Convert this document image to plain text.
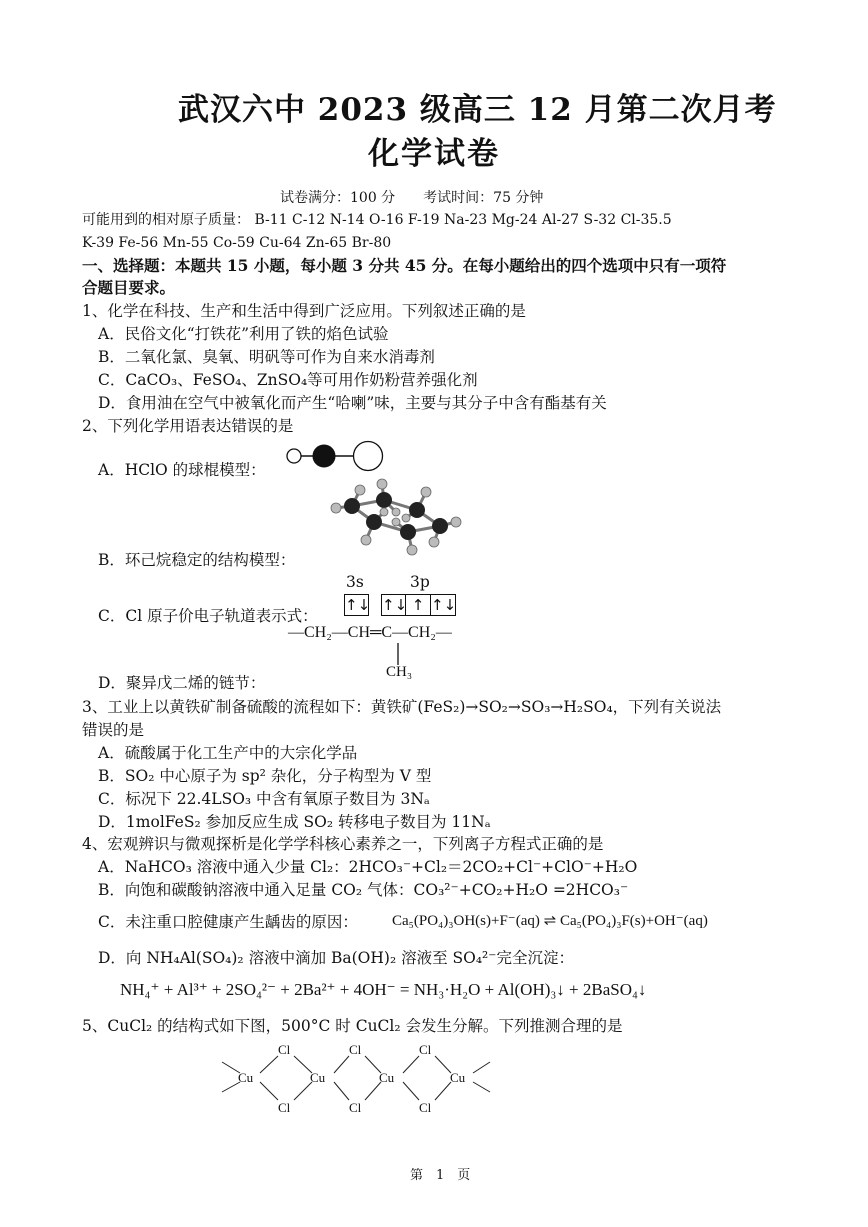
武汉六中 2023 级高三 12 月第二次月考
化学试卷
试卷满分：100 分　　考试时间：75 分钟
可能用到的相对原子质量： B-11 C-12 N-14 O-16 F-19 Na-23 Mg-24 Al-27 S-32 Cl-35.5
K-39 Fe-56 Mn-55 Co-59 Cu-64 Zn-65 Br-80
一、选择题：本题共 15 小题，每小题 3 分共 45 分。在每小题给出的四个选项中只有一项符
合题目要求。
1、化学在科技、生产和生活中得到广泛应用。下列叙述正确的是
A．民俗文化“打铁花”利用了铁的焰色试验
B．二氧化氯、臭氧、明矾等可作为自来水消毒剂
C．CaCO₃、FeSO₄、ZnSO₄等可用作奶粉营养强化剂
D．食用油在空气中被氧化而产生“哈喇”味，主要与其分子中含有酯基有关
2、下列化学用语表达错误的是
A．HClO 的球棍模型：
B．环己烷稳定的结构模型：
3s	3p
C．Cl 原子价电子轨道表示式：
↑↓ ↑↓ ↑ ↑↓
—CH₂—CH═C—CH₂—
CH₃
D．聚异戊二烯的链节：
3、工业上以黄铁矿制备硫酸的流程如下：黄铁矿(FeS₂)→SO₂→SO₃→H₂SO₄，下列有关说法
错误的是
A．硫酸属于化工生产中的大宗化学品
B．SO₂ 中心原子为 sp² 杂化，分子构型为 V 型
C．标况下 22.4LSO₃ 中含有氧原子数目为 3Nₐ
D．1molFeS₂ 参加反应生成 SO₂ 转移电子数目为 11Nₐ
4、宏观辨识与微观探析是化学学科核心素养之一，下列离子方程式正确的是
A．NaHCO₃ 溶液中通入少量 Cl₂：2HCO₃⁻+Cl₂＝2CO₂+Cl⁻+ClO⁻+H₂O
B．向饱和碳酸钠溶液中通入足量 CO₂ 气体：CO₃²⁻+CO₂+H₂O =2HCO₃⁻
C．未注重口腔健康产生龋齿的原因： Ca₅(PO₄)₃OH(s)+F⁻(aq) ⇌ Ca₅(PO₄)₃F(s)+OH⁻(aq)
D．向 NH₄Al(SO₄)₂ 溶液中滴加 Ba(OH)₂ 溶液至 SO₄²⁻完全沉淀：
NH₄⁺ + Al³⁺ + 2SO₄²⁻ + 2Ba²⁺ + 4OH⁻ = NH₃·H₂O + Al(OH)₃↓ + 2BaSO₄↓
5、CuCl₂ 的结构式如下图，500°C 时 CuCl₂ 会发生分解。下列推测合理的是
Cu	Cu	Cu	Cu
Cl	Cl	Cl
Cl	Cl	Cl
第　1　页
